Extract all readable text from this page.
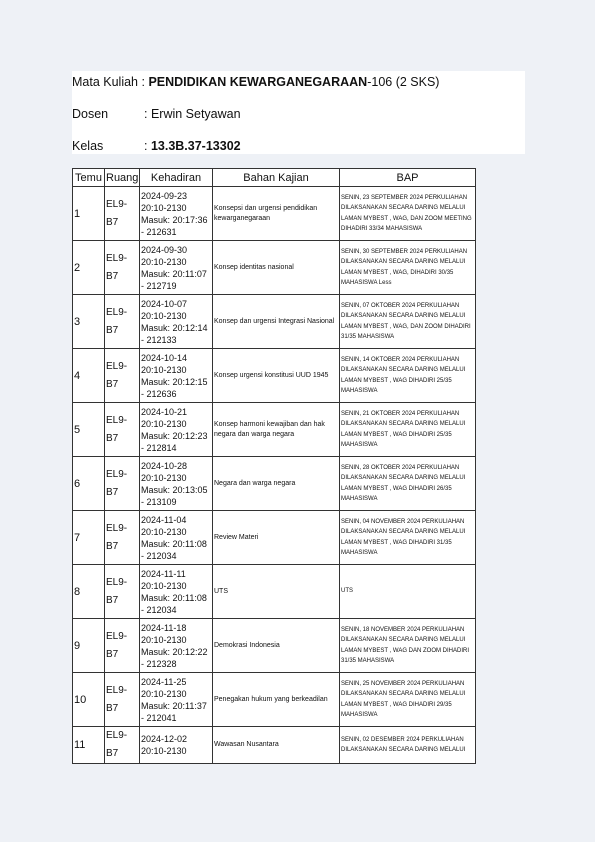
Mata Kuliah : PENDIDIKAN KEWARGANEGARAAN-106 (2 SKS)
Dosen	: Erwin Setyawan
Kelas	: 13.3B.37-13302
Temu	Ruang	Kehadiran	Bahan Kajian	BAP
1	EL9-B7	2024-09-23
20:10-2130
Masuk: 20:17:36 - 212631	Konsepsi dan urgensi pendidikan kewarganegaraan	SENIN, 23 SEPTEMBER 2024 PERKULIAHAN DILAKSANAKAN SECARA DARING MELALUI LAMAN MYBEST , WAG, DAN ZOOM MEETING DIHADIRI 33/34 MAHASISWA
2	EL9-B7	2024-09-30
20:10-2130
Masuk: 20:11:07 - 212719	Konsep identitas nasional	SENIN, 30 SEPTEMBER 2024 PERKULIAHAN DILAKSANAKAN SECARA DARING MELALUI LAMAN MYBEST , WAG, DIHADIRI 30/35 MAHASISWA Less
3	EL9-B7	2024-10-07
20:10-2130
Masuk: 20:12:14 - 212133	Konsep dan urgensi Integrasi Nasional	SENIN, 07 OKTOBER 2024 PERKULIAHAN DILAKSANAKAN SECARA DARING MELALUI LAMAN MYBEST , WAG, DAN ZOOM DIHADIRI 31/35 MAHASISWA
4	EL9-B7	2024-10-14
20:10-2130
Masuk: 20:12:15 - 212636	Konsep urgensi konstitusi UUD 1945	SENIN, 14 OKTOBER 2024 PERKULIAHAN DILAKSANAKAN SECARA DARING MELALUI LAMAN MYBEST , WAG DIHADIRI 25/35 MAHASISWA
5	EL9-B7	2024-10-21
20:10-2130
Masuk: 20:12:23 - 212814	Konsep harmoni kewajiban dan hak negara dan warga negara	SENIN, 21 OKTOBER 2024 PERKULIAHAN DILAKSANAKAN SECARA DARING MELALUI LAMAN MYBEST , WAG DIHADIRI 25/35 MAHASISWA
6	EL9-B7	2024-10-28
20:10-2130
Masuk: 20:13:05 - 213109	Negara dan warga negara	SENIN, 28 OKTOBER 2024 PERKULIAHAN DILAKSANAKAN SECARA DARING MELALUI LAMAN MYBEST , WAG DIHADIRI 26/35 MAHASISWA
7	EL9-B7	2024-11-04
20:10-2130
Masuk: 20:11:08 - 212034	Review Materi	SENIN, 04 NOVEMBER 2024 PERKULIAHAN DILAKSANAKAN SECARA DARING MELALUI LAMAN MYBEST , WAG DIHADIRI 31/35 MAHASISWA
8	EL9-B7	2024-11-11
20:10-2130
Masuk: 20:11:08 - 212034	UTS	UTS
9	EL9-B7	2024-11-18
20:10-2130
Masuk: 20:12:22 - 212328	Demokrasi Indonesia	SENIN, 18 NOVEMBER 2024 PERKULIAHAN DILAKSANAKAN SECARA DARING MELALUI LAMAN MYBEST , WAG DAN ZOOM DIHADIRI 31/35 MAHASISWA
10	EL9-B7	2024-11-25
20:10-2130
Masuk: 20:11:37 - 212041	Penegakan hukum yang berkeadilan	SENIN, 25 NOVEMBER 2024 PERKULIAHAN DILAKSANAKAN SECARA DARING MELALUI LAMAN MYBEST , WAG DIHADIRI 29/35 MAHASISWA
11	EL9-B7	2024-12-02
20:10-2130	Wawasan Nusantara	SENIN, 02 DESEMBER 2024 PERKULIAHAN DILAKSANAKAN SECARA DARING MELALUI
